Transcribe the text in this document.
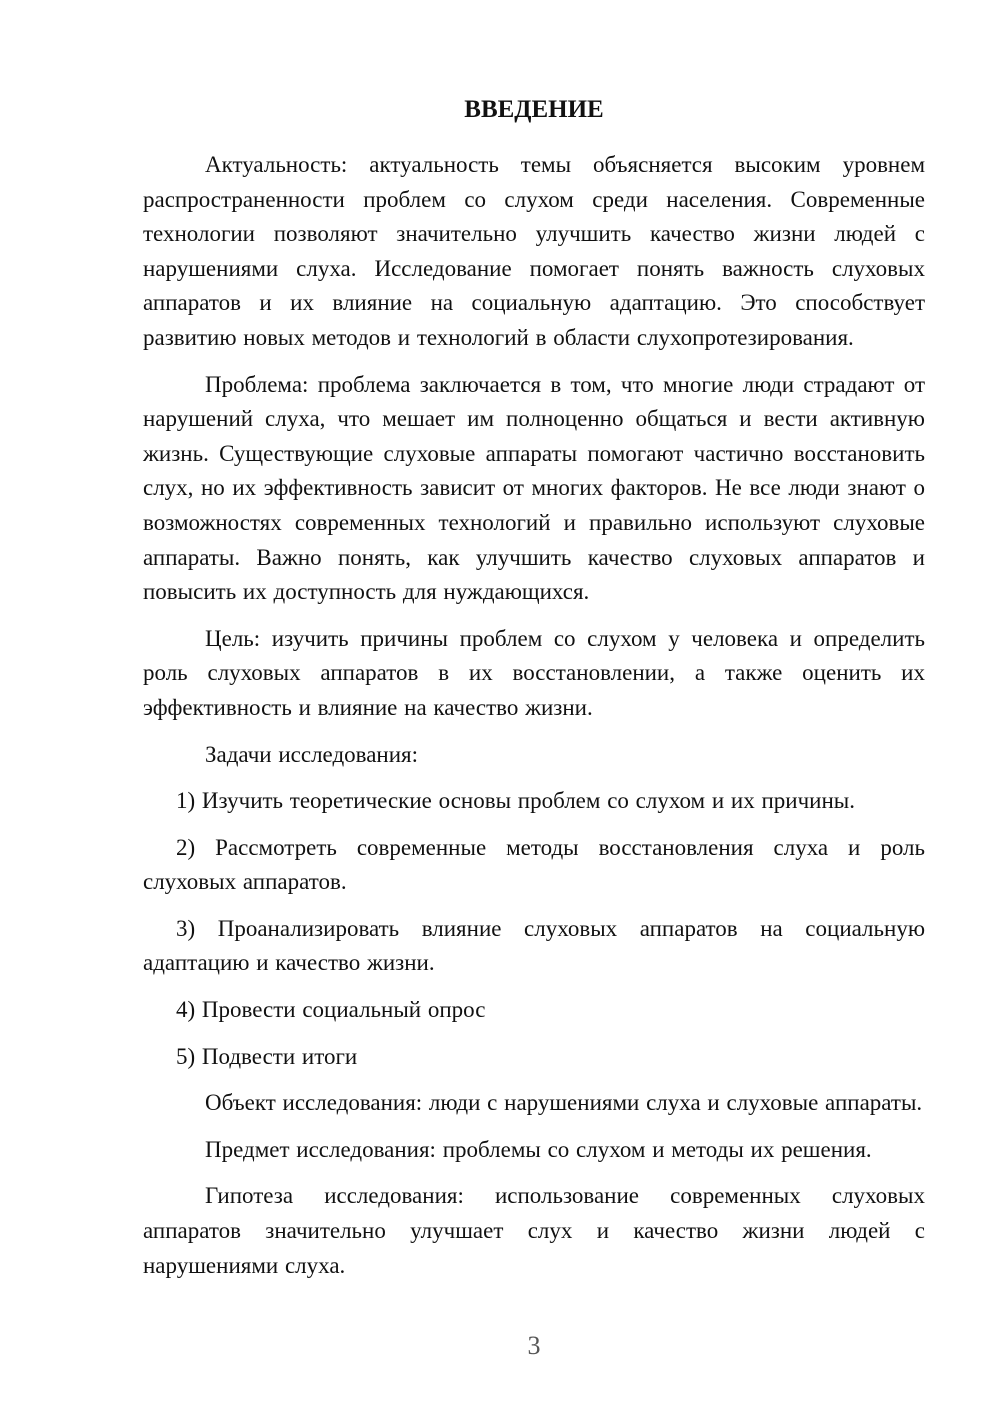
ВВЕДЕНИЕ

Актуальность: актуальность темы объясняется высоким уровнем распространенности проблем со слухом среди населения. Современные технологии позволяют значительно улучшить качество жизни людей с нарушениями слуха. Исследование помогает понять важность слуховых аппаратов и их влияние на социальную адаптацию. Это способствует развитию новых методов и технологий в области слухопротезирования.

Проблема: проблема заключается в том, что многие люди страдают от нарушений слуха, что мешает им полноценно общаться и вести активную жизнь. Существующие слуховые аппараты помогают частично восстановить слух, но их эффективность зависит от многих факторов. Не все люди знают о возможностях современных технологий и правильно используют слуховые аппараты. Важно понять, как улучшить качество слуховых аппаратов и повысить их доступность для нуждающихся.

Цель: изучить причины проблем со слухом у человека и определить роль слуховых аппаратов в их восстановлении, а также оценить их эффективность и влияние на качество жизни.

Задачи исследования:

1) Изучить теоретические основы проблем со слухом и их причины.

2) Рассмотреть современные методы восстановления слуха и роль слуховых аппаратов.

3) Проанализировать влияние слуховых аппаратов на социальную адаптацию и качество жизни.

4) Провести социальный опрос

5) Подвести итоги

Объект исследования: люди с нарушениями слуха и слуховые аппараты.

Предмет исследования: проблемы со слухом и методы их решения.

Гипотеза исследования: использование современных слуховых аппаратов значительно улучшает слух и качество жизни людей с нарушениями слуха.

3
